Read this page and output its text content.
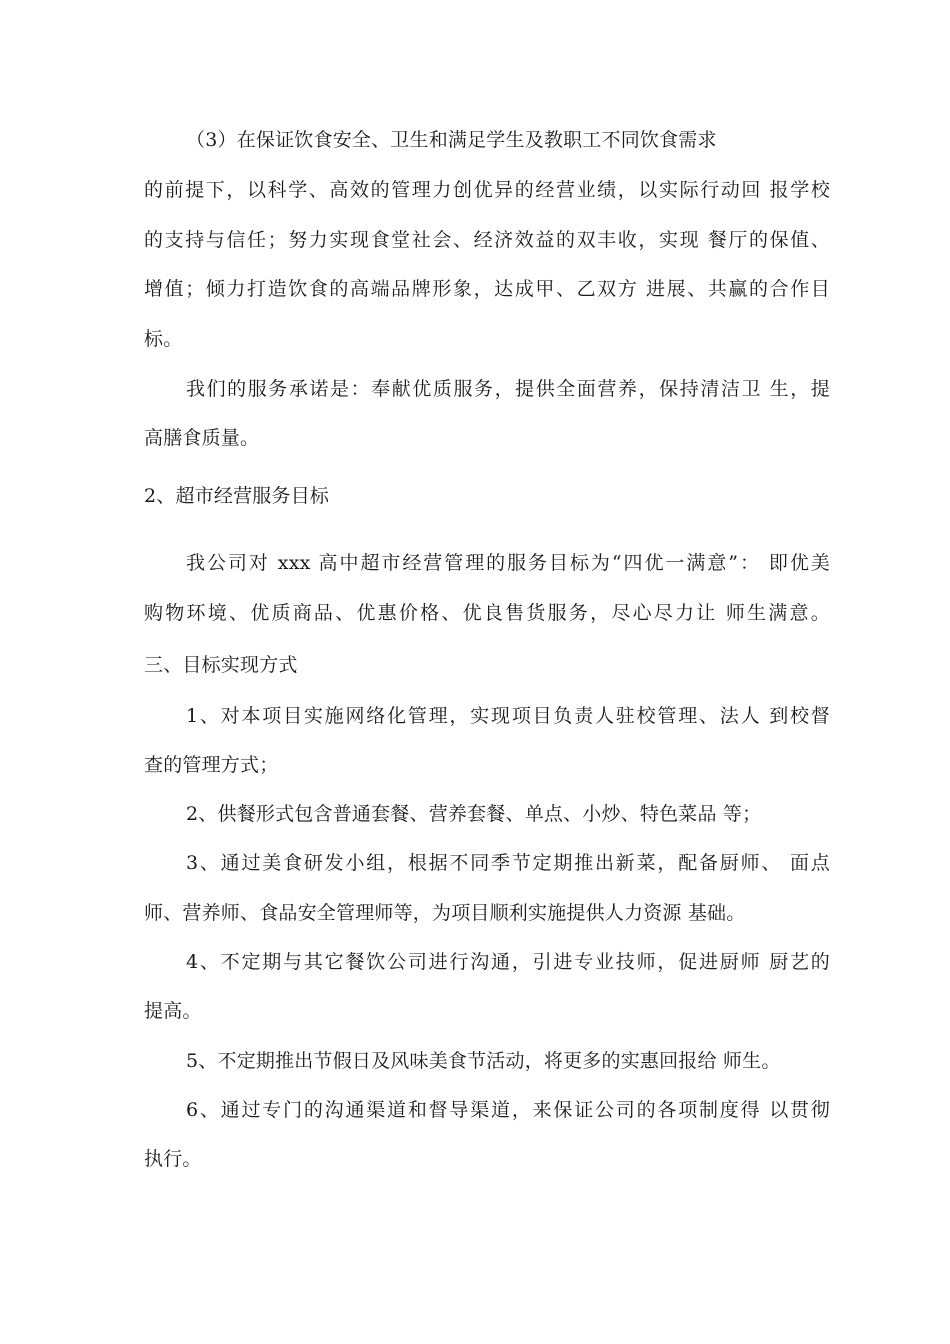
（3）在保证饮食安全、卫生和满足学生及教职工不同饮食需求
的前提下，以科学、高效的管理力创优异的经营业绩，以实际行动回 报学校
的支持与信任；努力实现食堂社会、经济效益的双丰收，实现 餐厅的保值、
增值；倾力打造饮食的高端品牌形象，达成甲、乙双方 进展、共赢的合作目
标。
我们的服务承诺是：奉献优质服务，提供全面营养，保持清洁卫 生，提
高膳食质量。
2、超市经营服务目标
我公司对 xxx 高中超市经营管理的服务目标为“四优一满意”： 即优美
购物环境、优质商品、优惠价格、优良售货服务，尽心尽力让 师生满意。
三、目标实现方式
1、对本项目实施网络化管理，实现项目负责人驻校管理、法人 到校督
查的管理方式；
2、供餐形式包含普通套餐、营养套餐、单点、小炒、特色菜品 等；
3、通过美食研发小组，根据不同季节定期推出新菜，配备厨师、 面点
师、营养师、食品安全管理师等，为项目顺利实施提供人力资源 基础。
4、不定期与其它餐饮公司进行沟通，引进专业技师，促进厨师 厨艺的
提高。
5、不定期推出节假日及风味美食节活动，将更多的实惠回报给 师生。
6、通过专门的沟通渠道和督导渠道，来保证公司的各项制度得 以贯彻
执行。
